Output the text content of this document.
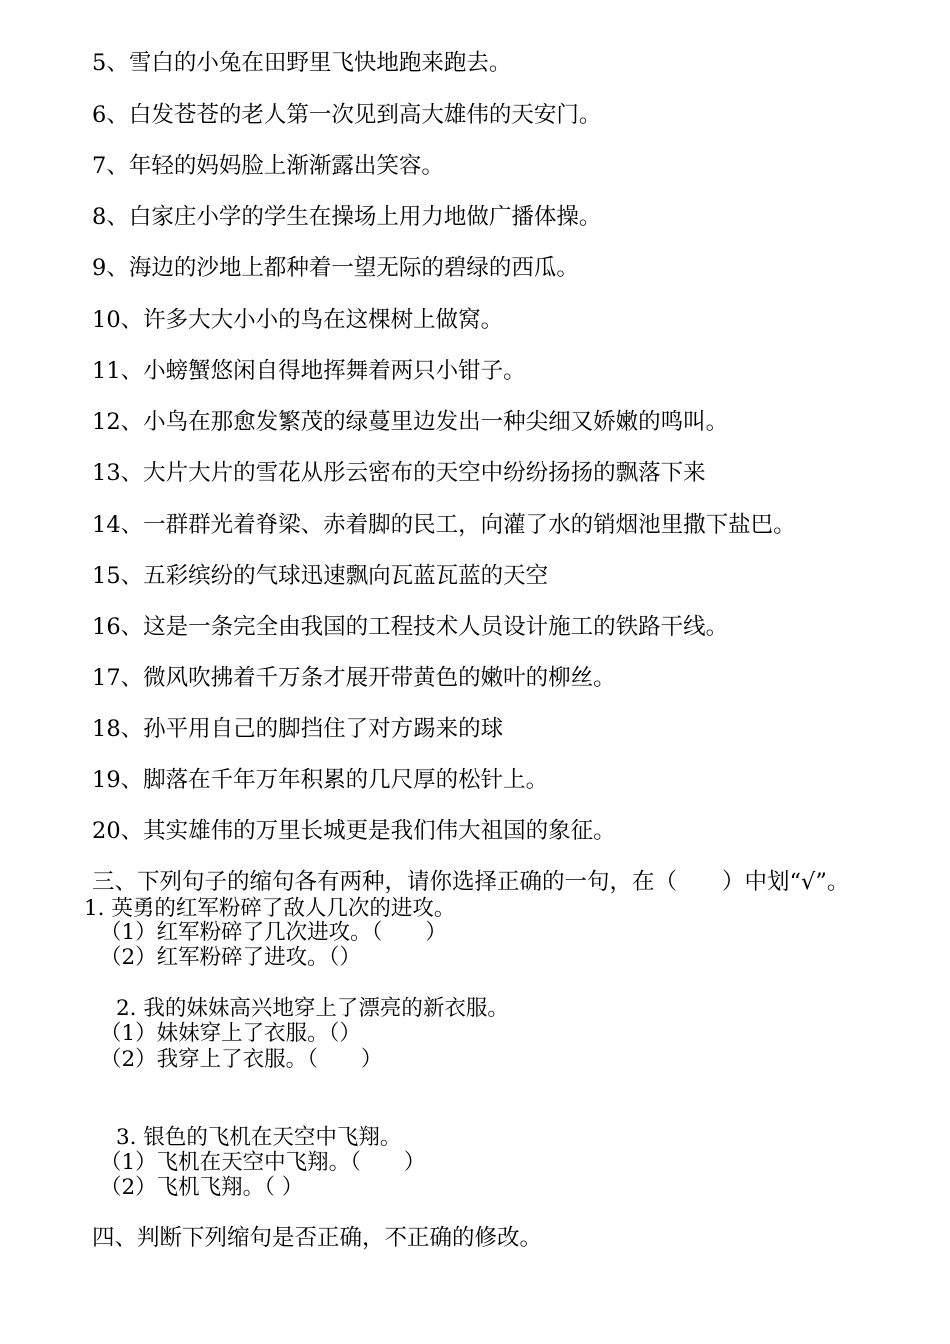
5、雪白的小兔在田野里飞快地跑来跑去。
6、白发苍苍的老人第一次见到高大雄伟的天安门。
7、年轻的妈妈脸上渐渐露出笑容。
8、白家庄小学的学生在操场上用力地做广播体操。
9、海边的沙地上都种着一望无际的碧绿的西瓜。
10、许多大大小小的鸟在这棵树上做窝。
11、小螃蟹悠闲自得地挥舞着两只小钳子。
12、小鸟在那愈发繁茂的绿蔓里边发出一种尖细又娇嫩的鸣叫。
13、大片大片的雪花从彤云密布的天空中纷纷扬扬的飘落下来
14、一群群光着脊梁、赤着脚的民工，向灌了水的销烟池里撒下盐巴。
15、五彩缤纷的气球迅速飘向瓦蓝瓦蓝的天空
16、这是一条完全由我国的工程技术人员设计施工的铁路干线。
17、微风吹拂着千万条才展开带黄色的嫩叶的柳丝。
18、孙平用自己的脚挡住了对方踢来的球
19、脚落在千年万年积累的几尺厚的松针上。
20、其实雄伟的万里长城更是我们伟大祖国的象征。
三、下列句子的缩句各有两种，请你选择正确的一句，在（　　）中划“√”。
1. 英勇的红军粉碎了敌人几次的进攻。
（1）红军粉碎了几次进攻。（　　）
（2）红军粉碎了进攻。（）
2. 我的妹妹高兴地穿上了漂亮的新衣服。
（1）妹妹穿上了衣服。（）
（2）我穿上了衣服。（　　）
3. 银色的飞机在天空中飞翔。
（1）飞机在天空中飞翔。（　　）
（2）飞机飞翔。（ ）
四、判断下列缩句是否正确，不正确的修改。
